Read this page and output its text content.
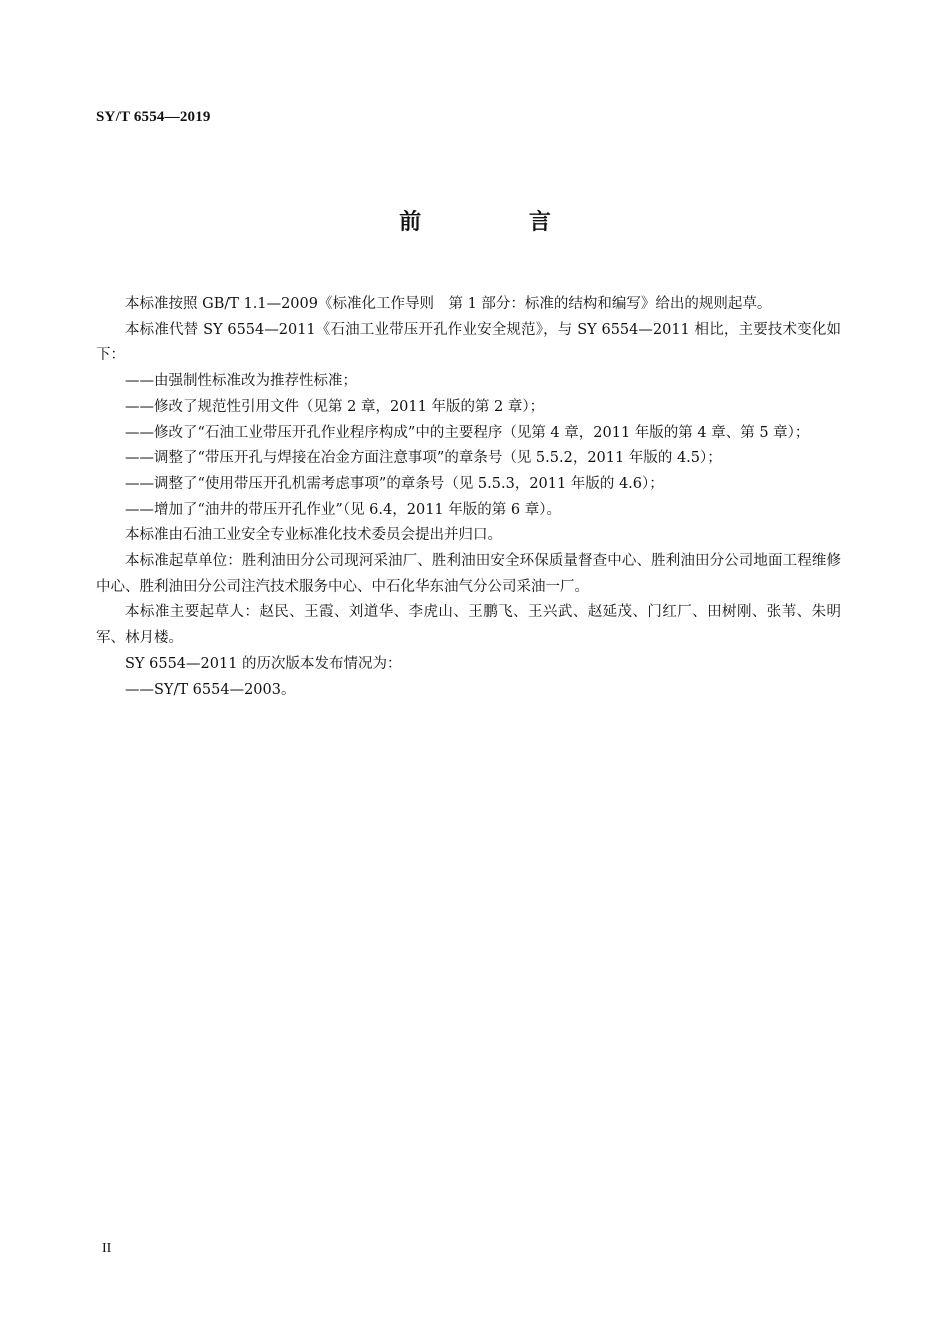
SY/T 6554—2019
前 言

本标准按照 GB/T 1.1—2009《标准化工作导则　第 1 部分：标准的结构和编写》给出的规则起草。

本标准代替 SY 6554—2011《石油工业带压开孔作业安全规范》，与 SY 6554—2011 相比，主要技术变化如下：

——由强制性标准改为推荐性标准；

——修改了规范性引用文件（见第 2 章，2011 年版的第 2 章）；

——修改了“石油工业带压开孔作业程序构成”中的主要程序（见第 4 章，2011 年版的第 4 章、第 5 章）；

——调整了“带压开孔与焊接在冶金方面注意事项”的章条号（见 5.5.2，2011 年版的 4.5）；

——调整了“使用带压开孔机需考虑事项”的章条号（见 5.5.3，2011 年版的 4.6）；

——增加了“油井的带压开孔作业”（见 6.4，2011 年版的第 6 章）。

本标准由石油工业安全专业标准化技术委员会提出并归口。

本标准起草单位：胜利油田分公司现河采油厂、胜利油田安全环保质量督查中心、胜利油田分公司地面工程维修中心、胜利油田分公司注汽技术服务中心、中石化华东油气分公司采油一厂。

本标准主要起草人：赵民、王霞、刘道华、李虎山、王鹏飞、王兴武、赵延茂、门红厂、田树刚、张苇、朱明军、林月楼。

SY 6554—2011 的历次版本发布情况为：

——SY/T 6554—2003。

II
